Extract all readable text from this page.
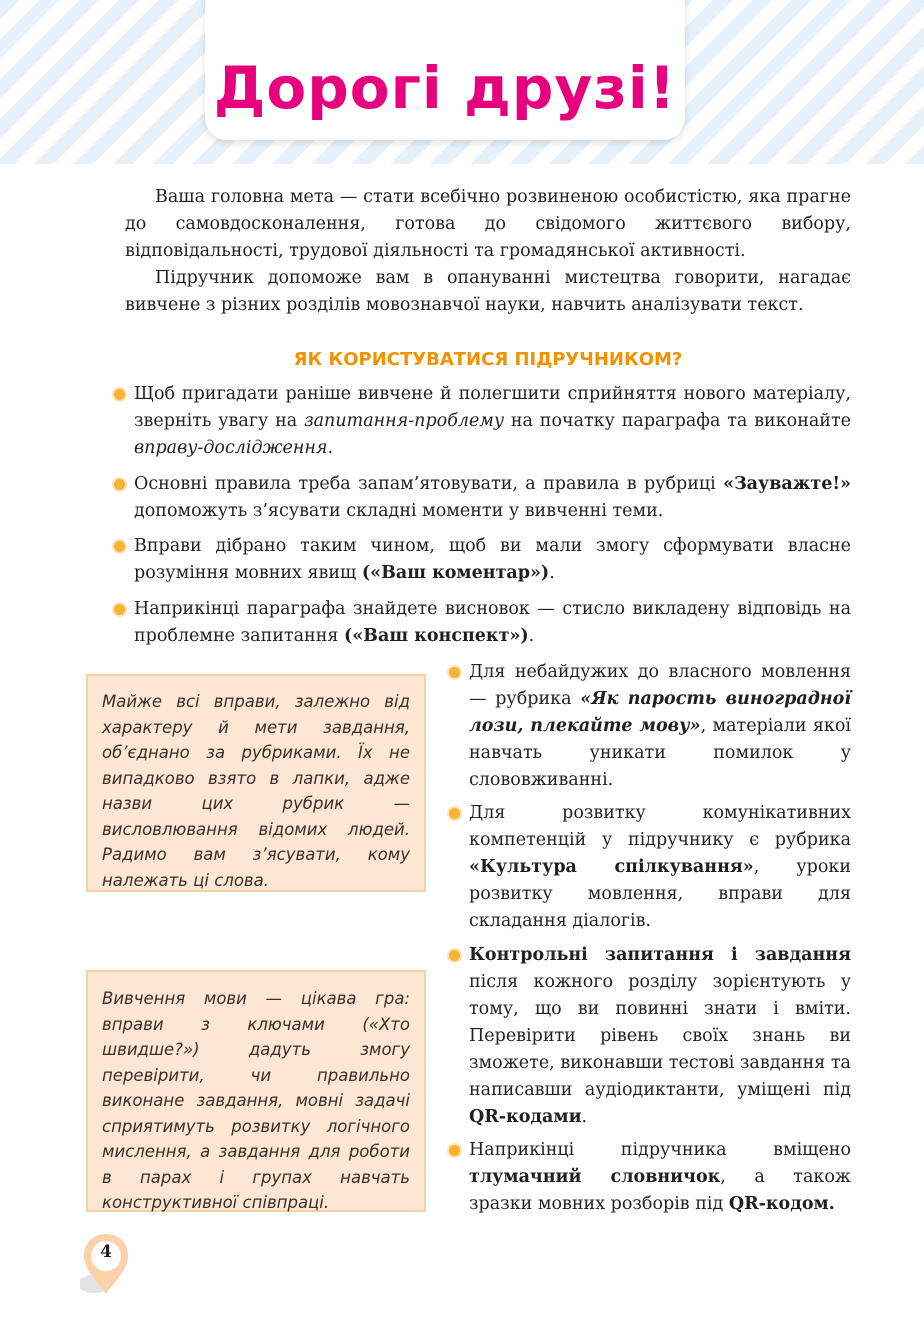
Дорогі друзі!

Ваша головна мета — стати всебічно розвиненою особистістю, яка прагне до самовдосконалення, готова до свідомого життєвого вибору, відповідальності, трудової діяльності та громадянської активності.

Підручник допоможе вам в опануванні мистецтва говорити, нагадає вивчене з різних розділів мовознавчої науки, навчить аналізувати текст.

ЯК КОРИСТУВАТИСЯ ПІДРУЧНИКОМ?
Щоб пригадати раніше вивчене й полегшити сприйняття нового матеріалу, зверніть увагу на запитання-проблему на початку параграфа та виконайте вправу-дослідження.
Основні правила треба запам’ятовувати, а правила в рубриці «Зауважте!» допоможуть з’ясувати складні моменти у вивченні теми.
Вправи дібрано таким чином, щоб ви мали змогу сформувати власне розуміння мовних явищ («Ваш коментар»).
Наприкінці параграфа знайдете висновок — стисло викладену відповідь на проблемне запитання («Ваш конспект»).
Майже всі вправи, залежно від характеру й мети завдання, об’єднано за рубриками. Їх не випадково взято в лапки, адже назви цих рубрик — висловлювання відомих людей. Радимо вам з’ясувати, кому належать ці слова.
Вивчення мови — цікава гра: вправи з ключами («Хто швидше?») дадуть змогу перевірити, чи правильно виконане завдання, мовні задачі сприятимуть розвитку логічного мислення, а завдання для роботи в парах і групах навчать конструктивної співпраці.
Для небайдужих до власного мовлення — рубрика «Як парость виноградної лози, плекайте мову», матеріали якої навчать уникати помилок у слововживанні.
Для розвитку комунікативних компетенцій у підручнику є рубрика «Культура спілкування», уроки розвитку мовлення, вправи для складання діалогів.
Контрольні запитання і завдання після кожного розділу зорієнтують у тому, що ви повинні знати і вміти. Перевірити рівень своїх знань ви зможете, виконавши тестові завдання та написавши аудіодиктанти, уміщені під QR-кодами.
Наприкінці підручника вміщено тлумачний словничок, а також зразки мовних розборів під QR-кодом.
4
